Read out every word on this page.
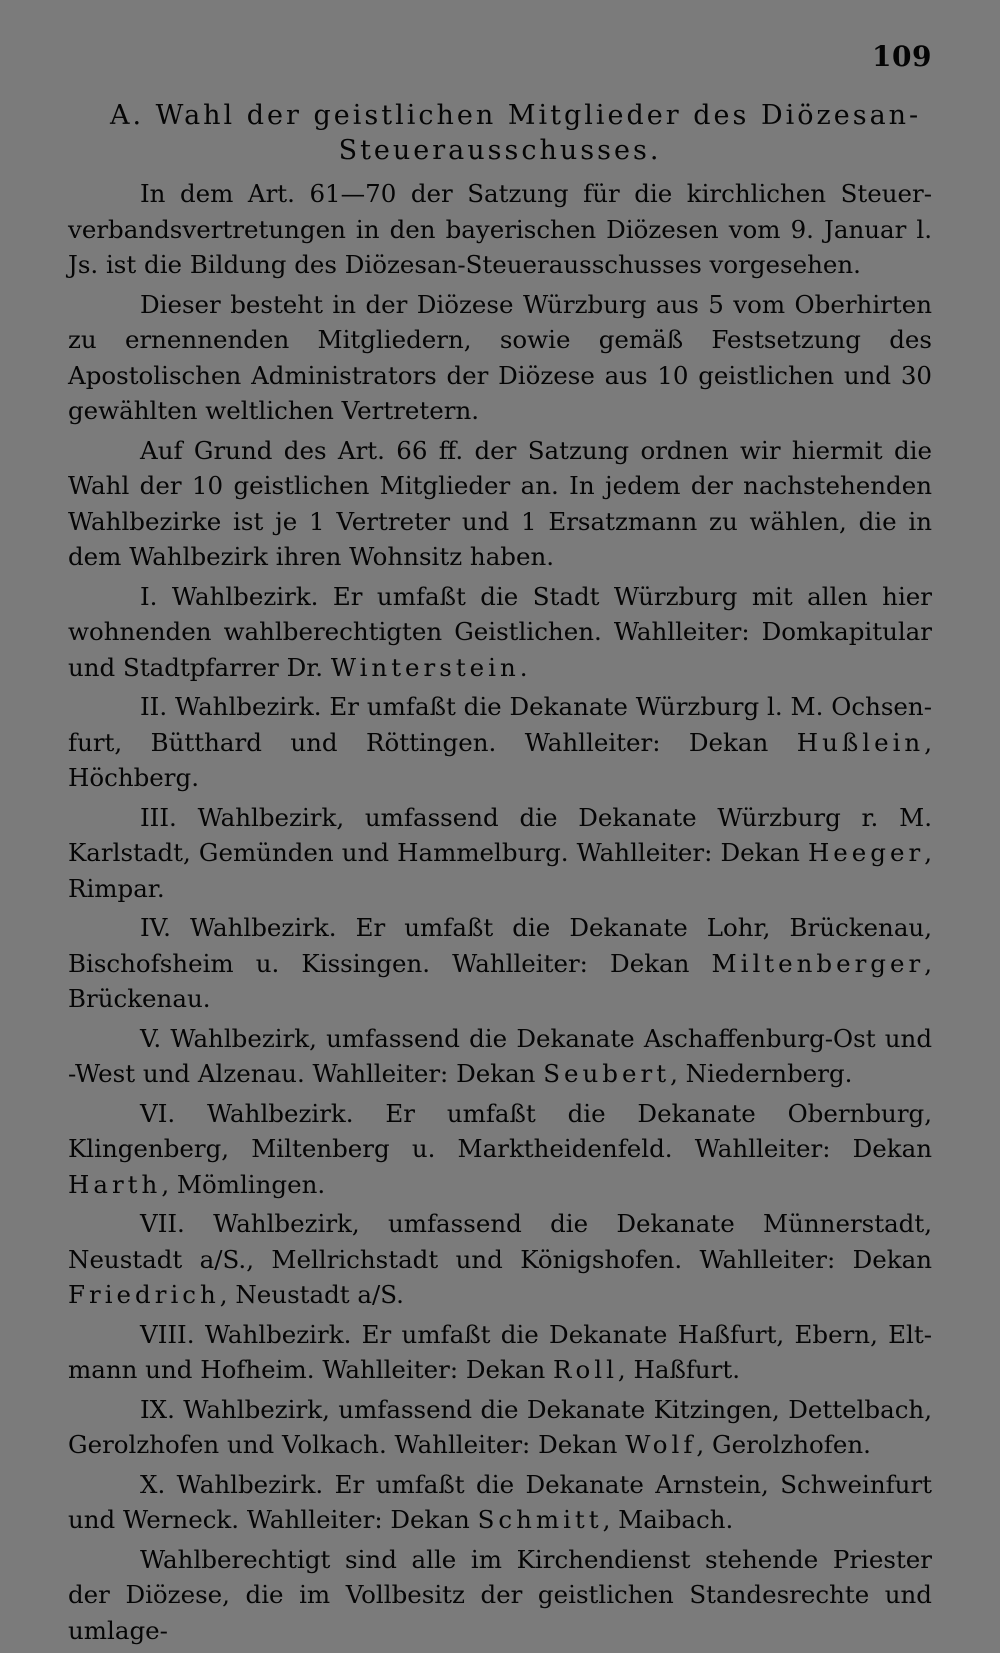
109
A. Wahl der geistlichen Mitglieder des Diözesan-
Steuerausschusses.

In dem Art. 61—70 der Satzung für die kirchlichen Steuer-verbandsvertretungen in den bayerischen Diözesen vom 9. Januar l. Js. ist die Bildung des Diözesan-Steuerausschusses vorgesehen.

Dieser besteht in der Diözese Würzburg aus 5 vom Oberhirten zu ernennenden Mitgliedern, sowie gemäß Festsetzung des Apostolischen Administrators der Diözese aus 10 geistlichen und 30 gewählten weltlichen Vertretern.

Auf Grund des Art. 66 ff. der Satzung ordnen wir hiermit die Wahl der 10 geistlichen Mitglieder an. In jedem der nachstehenden Wahlbezirke ist je 1 Vertreter und 1 Ersatzmann zu wählen, die in dem Wahlbezirk ihren Wohnsitz haben.

I. Wahlbezirk. Er umfaßt die Stadt Würzburg mit allen hier wohnenden wahlberechtigten Geistlichen. Wahlleiter: Domkapitular und Stadtpfarrer Dr. Winterstein.

II. Wahlbezirk. Er umfaßt die Dekanate Würzburg l. M. Ochsen-furt, Bütthard und Röttingen. Wahlleiter: Dekan Hußlein, Höchberg.

III. Wahlbezirk, umfassend die Dekanate Würzburg r. M. Karlstadt, Gemünden und Hammelburg. Wahlleiter: Dekan Heeger, Rimpar.

IV. Wahlbezirk. Er umfaßt die Dekanate Lohr, Brückenau, Bischofsheim u. Kissingen. Wahlleiter: Dekan Miltenberger, Brückenau.

V. Wahlbezirk, umfassend die Dekanate Aschaffenburg-Ost und -West und Alzenau. Wahlleiter: Dekan Seubert, Niedernberg.

VI. Wahlbezirk. Er umfaßt die Dekanate Obernburg, Klingenberg, Miltenberg u. Marktheidenfeld. Wahlleiter: Dekan Harth, Mömlingen.

VII. Wahlbezirk, umfassend die Dekanate Münnerstadt, Neustadt a/S., Mellrichstadt und Königshofen. Wahlleiter: Dekan Friedrich, Neustadt a/S.

VIII. Wahlbezirk. Er umfaßt die Dekanate Haßfurt, Ebern, Elt-mann und Hofheim. Wahlleiter: Dekan Roll, Haßfurt.

IX. Wahlbezirk, umfassend die Dekanate Kitzingen, Dettelbach, Gerolzhofen und Volkach. Wahlleiter: Dekan Wolf, Gerolzhofen.

X. Wahlbezirk. Er umfaßt die Dekanate Arnstein, Schweinfurt und Werneck. Wahlleiter: Dekan Schmitt, Maibach.

Wahlberechtigt sind alle im Kirchendienst stehende Priester der Diözese, die im Vollbesitz der geistlichen Standesrechte und umlage-
